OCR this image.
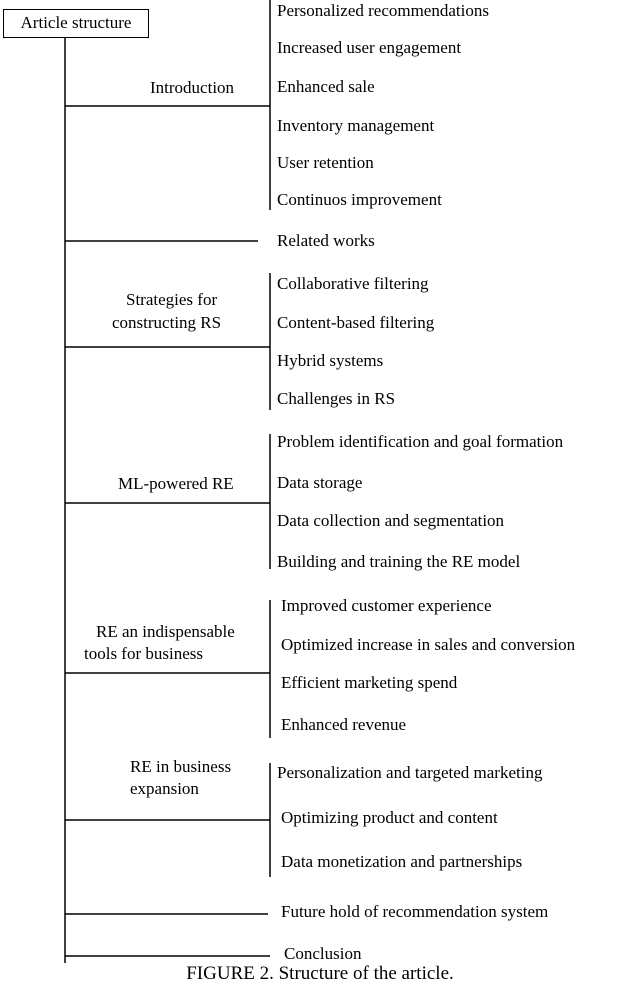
Article structure
Introduction
Strategies for
constructing RS
ML-powered RE
RE an indispensable
tools for business
RE in business
expansion
Personalized recommendations
Increased user engagement
Enhanced sale
Inventory management
User retention
Continuos improvement
Related works
Collaborative filtering
Content-based filtering
Hybrid systems
Challenges in RS
Problem identification and goal formation
Data storage
Data collection and segmentation
Building and training the RE model
Improved customer experience
Optimized increase in sales and conversion
Efficient marketing spend
Enhanced revenue
Personalization and targeted marketing
Optimizing product and content
Data monetization and partnerships
Future hold of recommendation system
Conclusion
FIGURE 2. Structure of the article.
